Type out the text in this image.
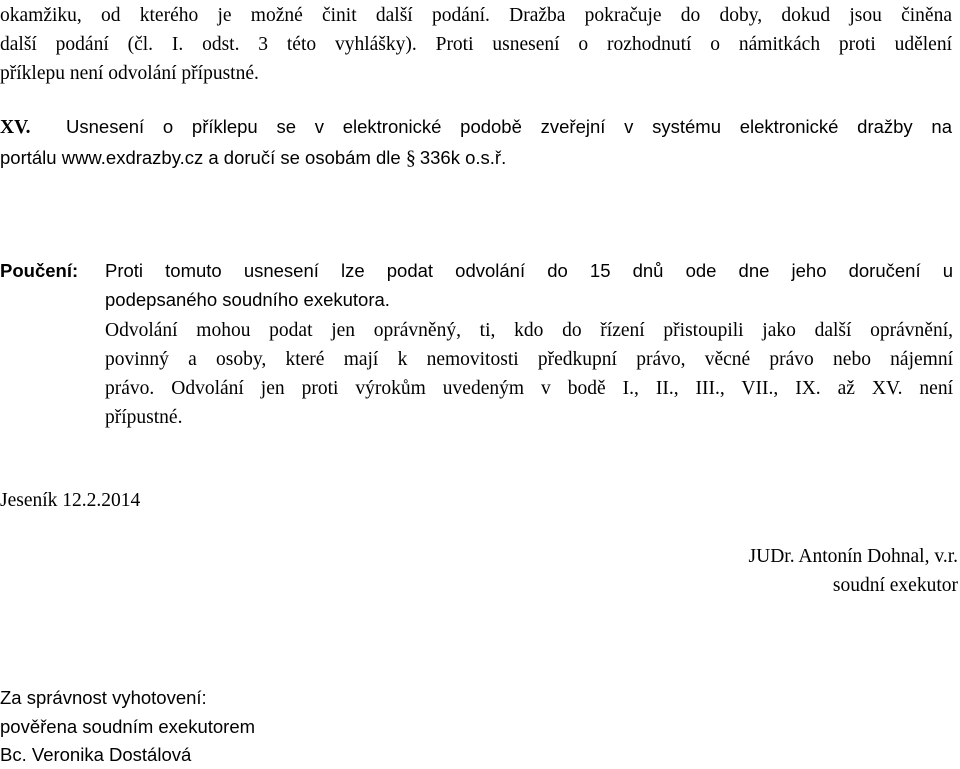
okamžiku, od kterého je možné činit další podání. Dražba pokračuje do doby, dokud jsou činěna
další podání (čl. I. odst. 3 této vyhlášky). Proti usnesení o rozhodnutí o námitkách proti udělení
příklepu není odvolání přípustné.
XV. Usnesení o příklepu se v elektronické podobě zveřejní v systému elektronické dražby na
portálu www.exdrazby.cz a doručí se osobám dle § 336k o.s.ř.
Poučení: Proti tomuto usnesení lze podat odvolání do 15 dnů ode dne jeho doručení u
podepsaného soudního exekutora.
Odvolání mohou podat jen oprávněný, ti, kdo do řízení přistoupili jako další oprávnění,
povinný a osoby, které mají k nemovitosti předkupní právo, věcné právo nebo nájemní
právo. Odvolání jen proti výrokům uvedeným v bodě I., II., III., VII., IX. až XV. není
přípustné.
Jeseník 12.2.2014
JUDr. Antonín Dohnal, v.r.
soudní exekutor
Za správnost vyhotovení:
pověřena soudním exekutorem
Bc. Veronika Dostálová
